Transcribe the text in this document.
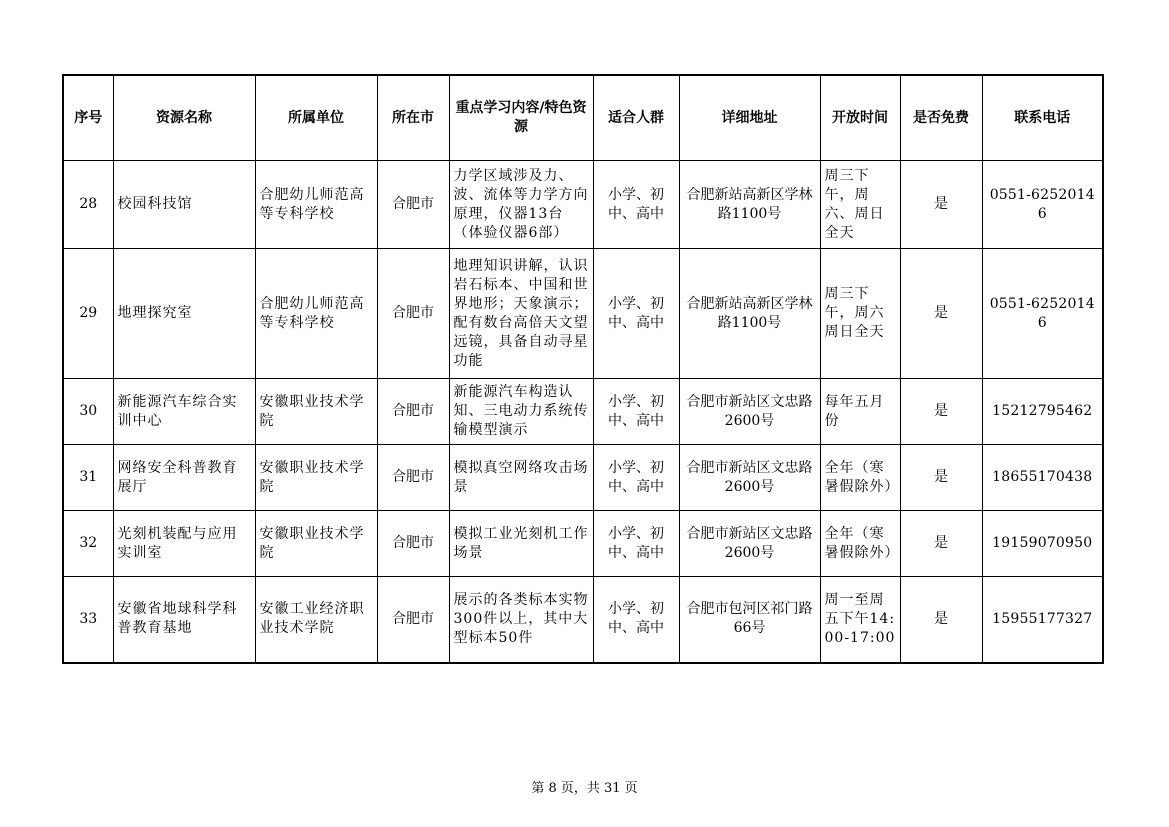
序号	资源名称	所属单位	所在市	重点学习内容/特色资源	适合人群	详细地址	开放时间	是否免费	联系电话
28	校园科技馆	合肥幼儿师范高等专科学校	合肥市	力学区域涉及力、波、流体等力学方向原理，仪器13台（体验仪器6部）	小学、初中、高中	合肥新站高新区学林路1100号	周三下午，周六、周日全天	是	0551-62520146
29	地理探究室	合肥幼儿师范高等专科学校	合肥市	地理知识讲解，认识岩石标本、中国和世界地形；天象演示；配有数台高倍天文望远镜，具备自动寻星功能	小学、初中、高中	合肥新站高新区学林路1100号	周三下午，周六周日全天	是	0551-62520146
30	新能源汽车综合实训中心	安徽职业技术学院	合肥市	新能源汽车构造认知、三电动力系统传输模型演示	小学、初中、高中	合肥市新站区文忠路2600号	每年五月份	是	15212795462
31	网络安全科普教育展厅	安徽职业技术学院	合肥市	模拟真空网络攻击场景	小学、初中、高中	合肥市新站区文忠路2600号	全年（寒暑假除外）	是	18655170438
32	光刻机装配与应用实训室	安徽职业技术学院	合肥市	模拟工业光刻机工作场景	小学、初中、高中	合肥市新站区文忠路2600号	全年（寒暑假除外）	是	19159070950
33	安徽省地球科学科普教育基地	安徽工业经济职业技术学院	合肥市	展示的各类标本实物300件以上，其中大型标本50件	小学、初中、高中	合肥市包河区祁门路66号	周一至周五下午14:00-17:00	是	15955177327
第 8 页，共 31 页
